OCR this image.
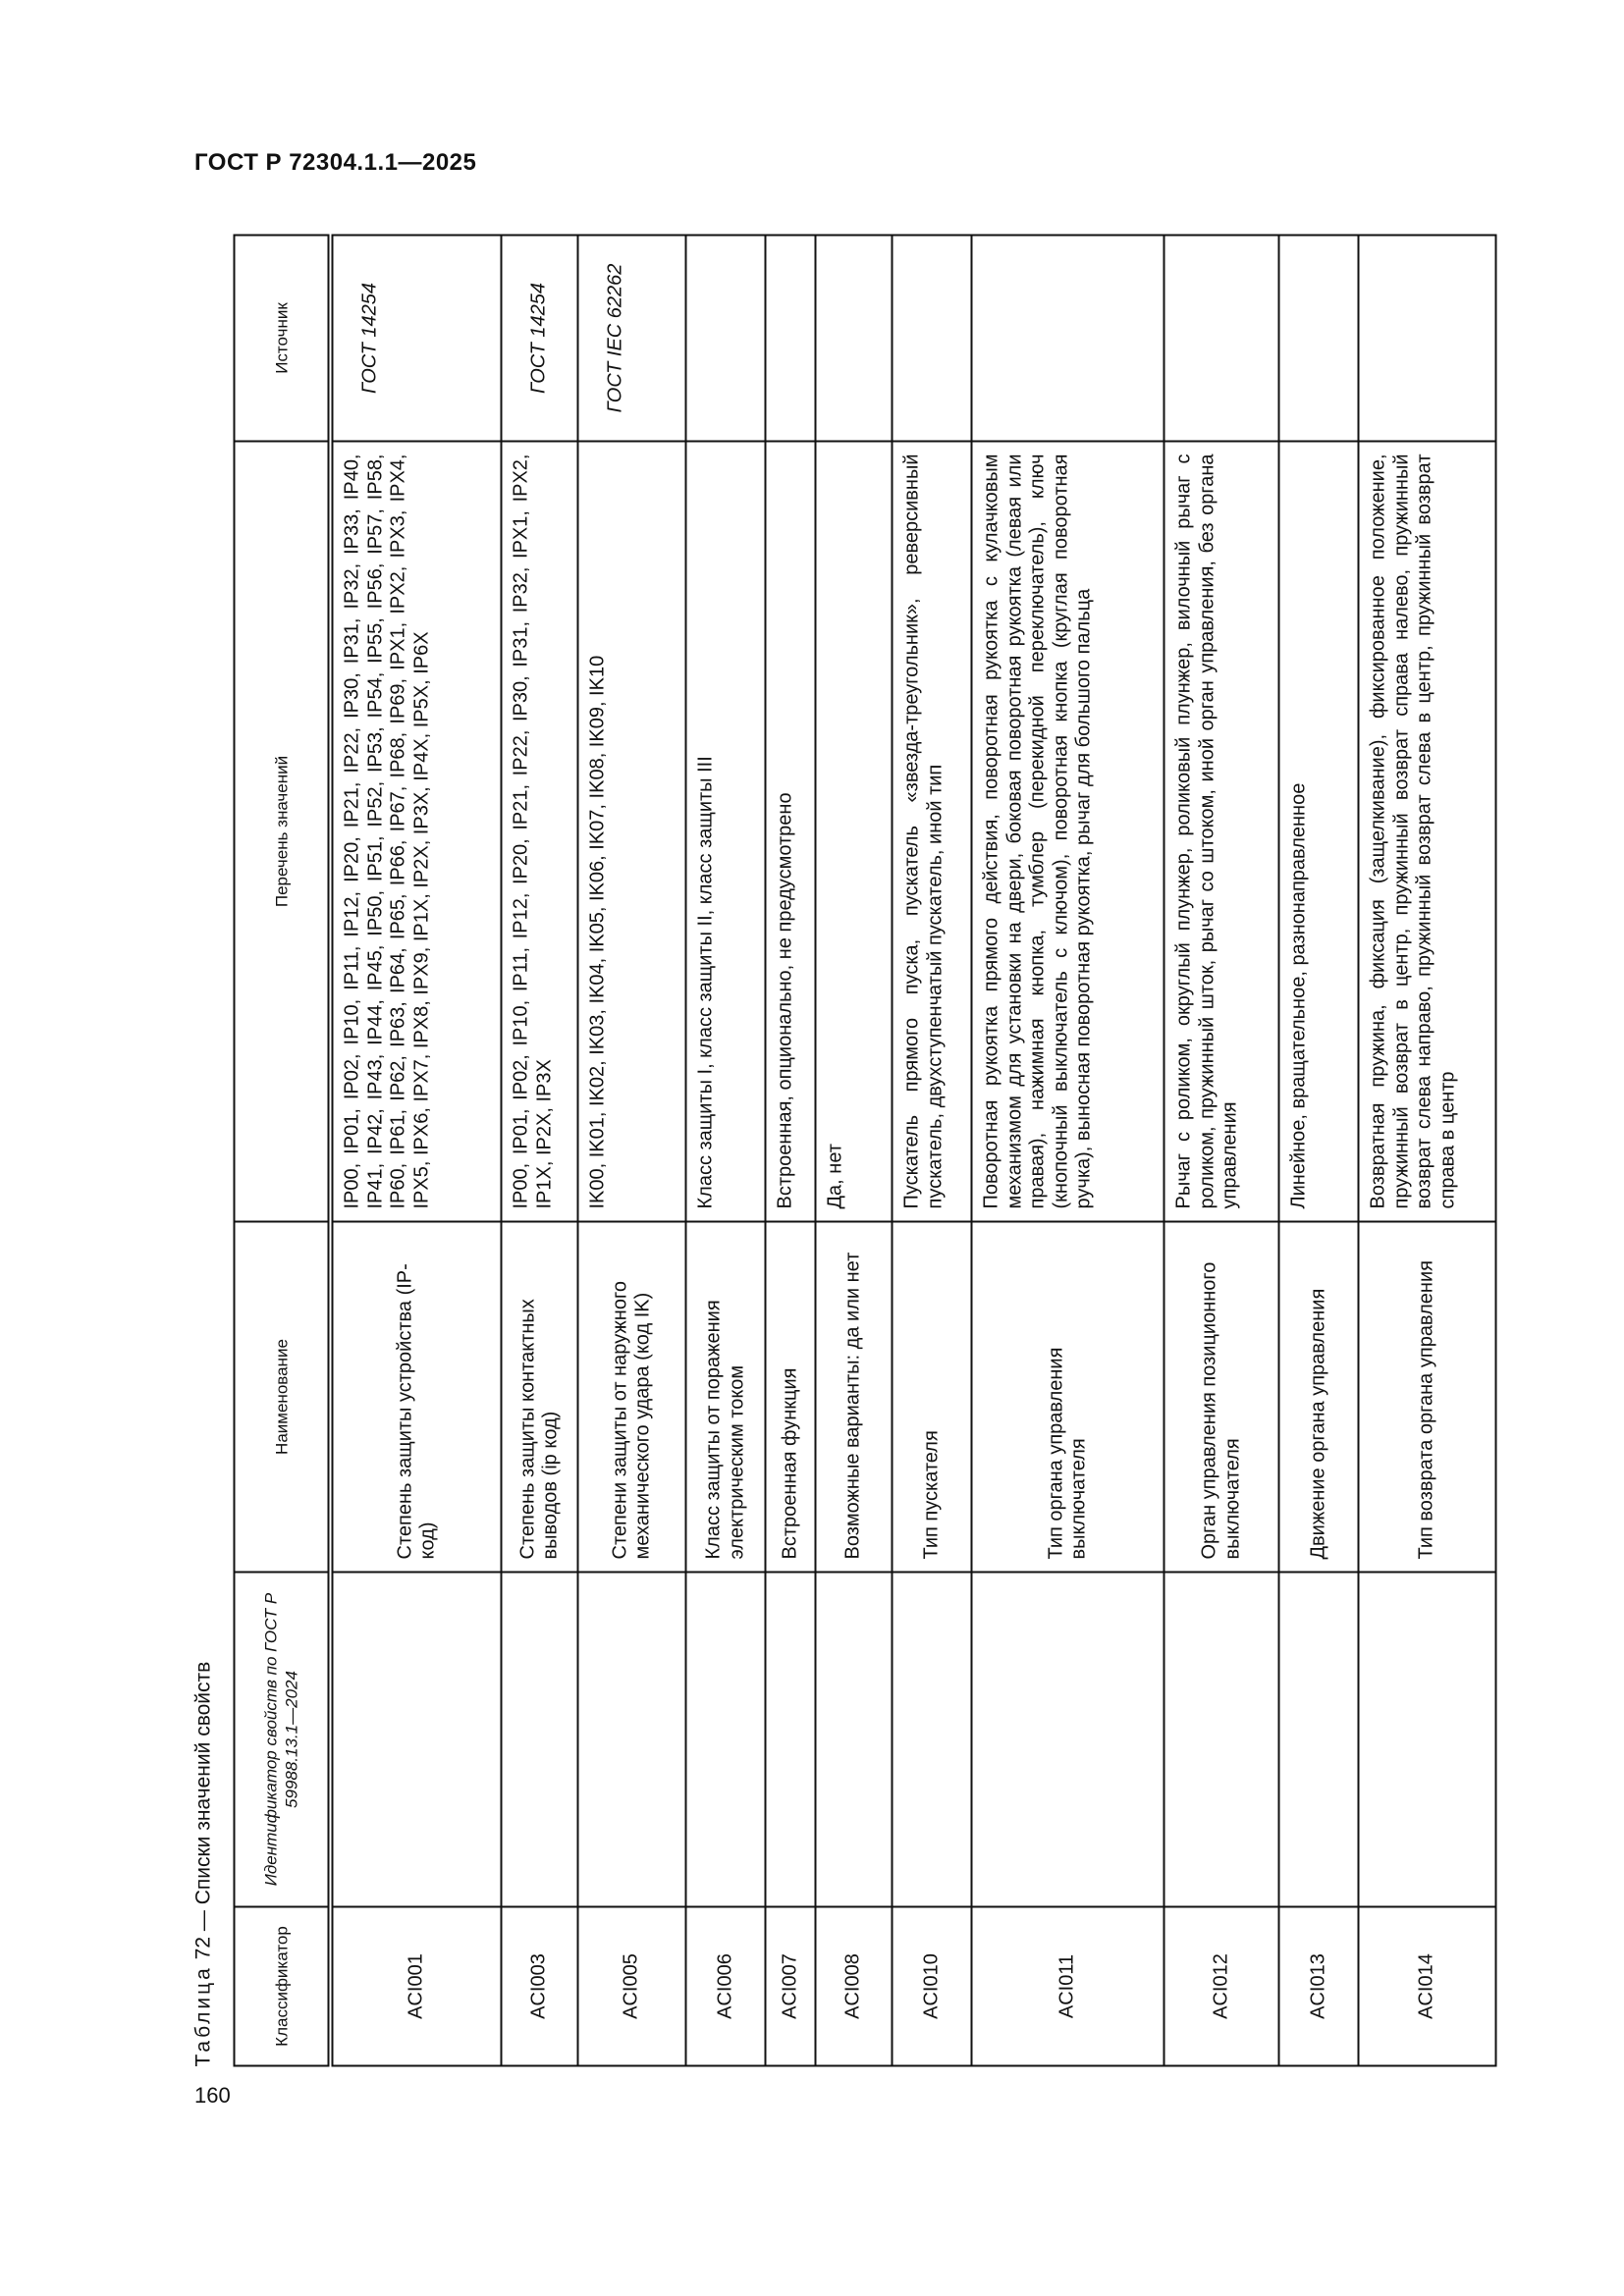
ГОСТ Р 72304.1.1—2025
160
Таблица 72 — Списки значений свойств
Классификатор	Идентификатор свойств по ГОСТ Р 59988.13.1—2024	Наименование	Перечень значений	Источник
ACI001		Степень защиты устройства (IP-код)	IP00, IP01, IP02, IP10, IP11, IP12, IP20, IP21, IP22, IP30, IP31, IP32, IP33, IP40, IP41, IP42, IP43, IP44, IP45, IP50, IP51, IP52, IP53, IP54, IP55, IP56, IP57, IP58, IP60, IP61, IP62, IP63, IP64, IP65, IP66, IP67, IP68, IP69, IPX1, IPX2, IPX3, IPX4, IPX5, IPX6, IPX7, IPX8, IPX9, IP1X, IP2X, IP3X, IP4X, IP5X, IP6X	ГОСТ 14254
ACI003		Степень защиты контактных выводов (ip код)	IP00, IP01, IP02, IP10, IP11, IP12, IP20, IP21, IP22, IP30, IP31, IP32, IPX1, IPX2, IP1X, IP2X, IP3X	ГОСТ 14254
ACI005		Степени защиты от наружного механического удара (код IK)	IK00, IK01, IK02, IK03, IK04, IK05, IK06, IK07, IK08, IK09, IK10	ГОСТ IEC 62262
ACI006		Класс защиты от поражения электрическим током	Класс защиты I, класс защиты II, класс защиты III	
ACI007		Встроенная функция	Встроенная, опционально, не предусмотрено	
ACI008		Возможные варианты: да или нет	Да, нет	
ACI010		Тип пускателя	Пускатель прямого пуска, пускатель «звезда-треугольник», реверсивный пускатель, двухступенчатый пускатель, иной тип	
ACI011		Тип органа управления выключателя	Поворотная рукоятка прямого действия, поворотная рукоятка с кулачковым механизмом для установки на двери, боковая поворотная рукоятка (левая или правая), нажимная кнопка, тумблер (перекидной переключатель), ключ (кнопочный выключатель с ключом), поворотная кнопка (круглая поворотная ручка), выносная поворотная рукоятка, рычаг для большого пальца	
ACI012		Орган управления позиционного выключателя	Рычаг с роликом, округлый плунжер, роликовый плунжер, вилочный рычаг с роликом, пружинный шток, рычаг со штоком, иной орган управления, без органа управления	
ACI013		Движение органа управления	Линейное, вращательное, разнонаправленное	
ACI014		Тип возврата органа управления	Возвратная пружина, фиксация (защелкивание), фиксированное положение, пружинный возврат в центр, пружинный возврат справа налево, пружинный возврат слева направо, пружинный возврат слева в центр, пружинный возврат справа в центр	
